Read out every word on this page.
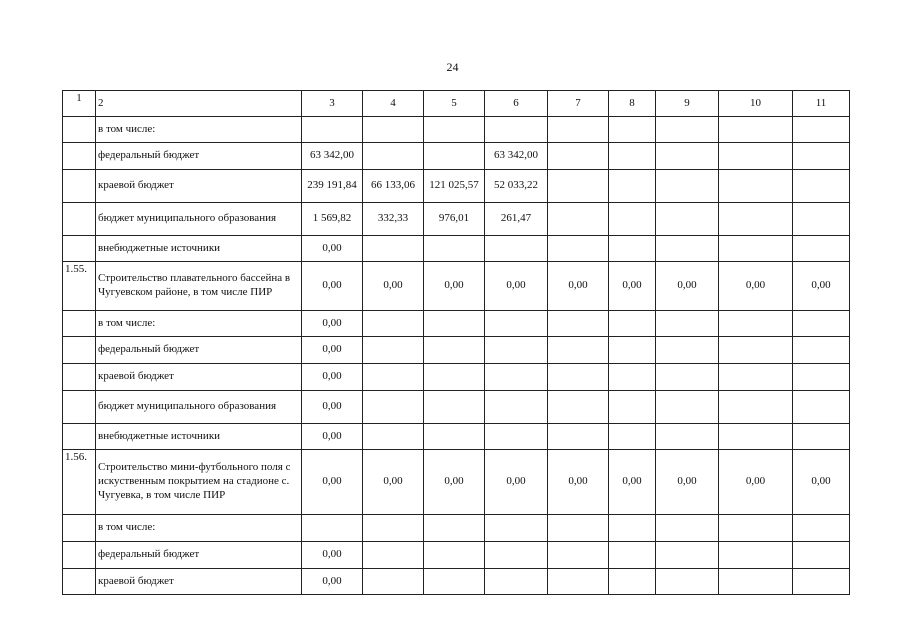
24
1	2	3	4	5	6	7	8	9	10	11
	в том числе:									
	федеральный бюджет	63 342,00			63 342,00					
	краевой бюджет	239 191,84	66 133,06	121 025,57	52 033,22					
	бюджет муниципального образования	1 569,82	332,33	976,01	261,47					
	внебюджетные источники	0,00								
1.55.	Строительство плавательного бассейна в Чугуевском районе, в том числе ПИР	0,00	0,00	0,00	0,00	0,00	0,00	0,00	0,00	0,00
	в том числе:	0,00								
	федеральный бюджет	0,00								
	краевой бюджет	0,00								
	бюджет муниципального образования	0,00								
	внебюджетные источники	0,00								
1.56.	Строительство мини-футбольного поля с искуственным покрытием на стадионе с. Чугуевка, в том числе ПИР	0,00	0,00	0,00	0,00	0,00	0,00	0,00	0,00	0,00
	в том числе:									
	федеральный бюджет	0,00								
	краевой бюджет	0,00								
